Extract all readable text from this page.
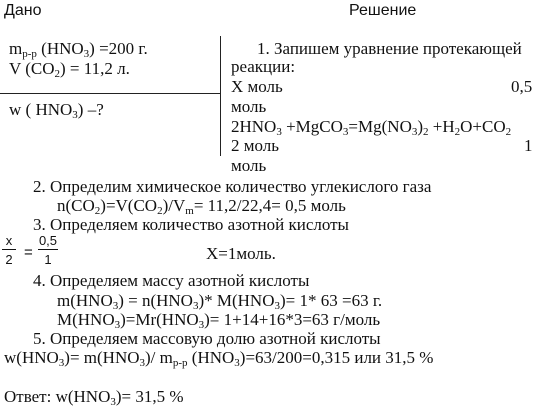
Дано	Решение
$m_{р-р}$ $(HNO_3) =200$ г.
V $(CO_2) = 11,2$ л.
w ( $HNO_3$) –?
1. Запишем уравнение протекающей
реакции:
Х моль	0,5
моль
$2HNO_3$ $+MgCO_3=Mg(NO_3)_2 +H_2O+CO_2$
2 моль	1
моль
2. Определим химическое количество углекислого газа
$n(CO_2)=V(CO_2)/V_m= 11,2/22,4= 0,5$ моль
3. Определяем количество азотной кислоты
x
2 =
0,5
1	Х=1моль.
4. Определяем массу азотной кислоты
$m(HNO_3) = n(HNO_3)*$ $M(HNO_3)= 1*$ 63 =63 г.
$M(HNO_3)=Mr(HNO_3)= 1+14+16*3=63$ г/моль
5. Определяем массовую долю азотной кислоты
$w(HNO_3)= m(HNO_3)/$ $m_{р-р}$ $(HNO_3)=63/200=0,315$ или 31,5 %
Ответ: $w(HNO_3)= 31,5$ %
